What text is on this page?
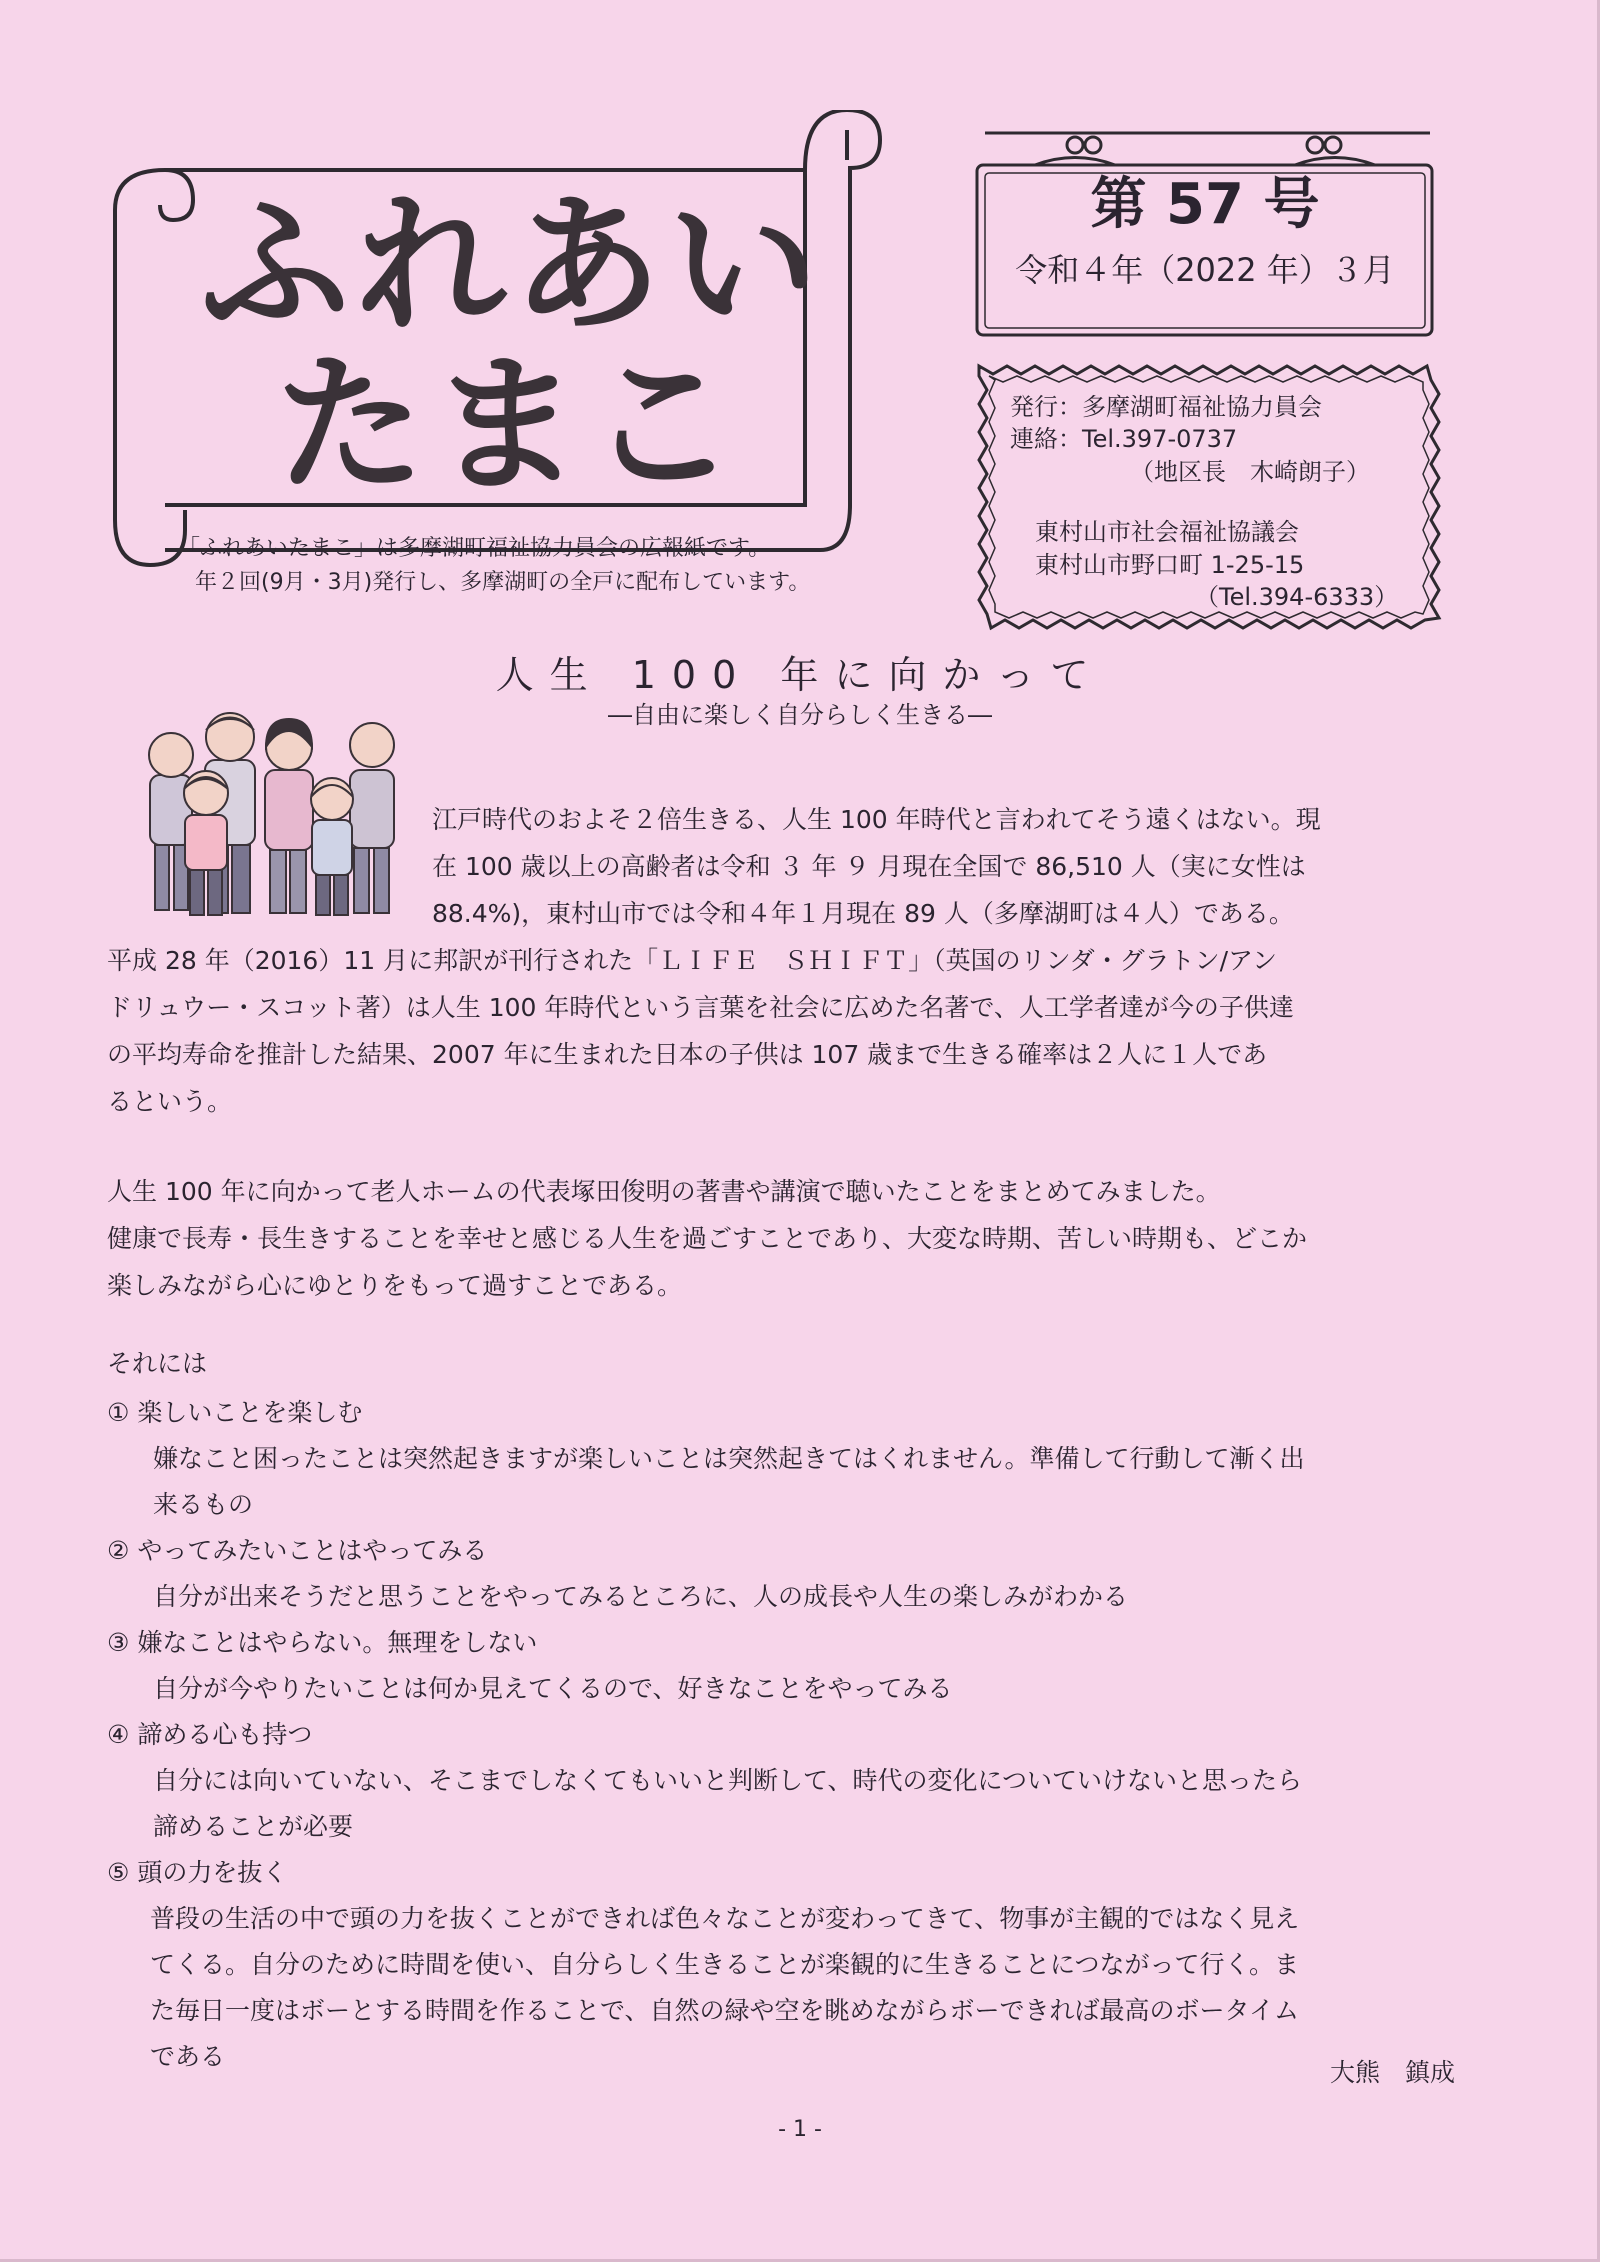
ふれあい
たまこ
「ふれあいたまこ」は多摩湖町福祉協力員会の広報紙です。
年２回(9月・3月)発行し、多摩湖町の全戸に配布しています。
第 57 号
令和４年（2022 年）３月
発行：多摩湖町福祉協力員会
連絡：Tel.397-0737
（地区長　木崎朗子）
東村山市社会福祉協議会
東村山市野口町 1-25-15
（Tel.394-6333）
人生 100 年に向かって
―自由に楽しく自分らしく生きる―
江戸時代のおよそ２倍生きる、人生 100 年時代と言われてそう遠くはない。現
在 100 歳以上の高齢者は令和 ３ 年 ９ 月現在全国で 86,510 人（実に女性は
88.4%)，東村山市では令和４年１月現在 89 人（多摩湖町は４人）である。
平成 28 年（2016）11 月に邦訳が刊行された「ＬＩＦＥ　ＳＨＩＦＴ」（英国のリンダ・グラトン/アン
ドリュウー・スコット著）は人生 100 年時代という言葉を社会に広めた名著で、人工学者達が今の子供達
の平均寿命を推計した結果、2007 年に生まれた日本の子供は 107 歳まで生きる確率は２人に１人であ
るという。
人生 100 年に向かって老人ホームの代表塚田俊明の著書や講演で聴いたことをまとめてみました。
健康で長寿・長生きすることを幸せと感じる人生を過ごすことであり、大変な時期、苦しい時期も、どこか
楽しみながら心にゆとりをもって過すことである。
それには
① 楽しいことを楽しむ
嫌なこと困ったことは突然起きますが楽しいことは突然起きてはくれません。準備して行動して漸く出
来るもの
② やってみたいことはやってみる
自分が出来そうだと思うことをやってみるところに、人の成長や人生の楽しみがわかる
③ 嫌なことはやらない。無理をしない
自分が今やりたいことは何か見えてくるので、好きなことをやってみる
④ 諦める心も持つ
自分には向いていない、そこまでしなくてもいいと判断して、時代の変化についていけないと思ったら
諦めることが必要
⑤ 頭の力を抜く
普段の生活の中で頭の力を抜くことができれば色々なことが変わってきて、物事が主観的ではなく見え
てくる。自分のために時間を使い、自分らしく生きることが楽観的に生きることにつながって行く。ま
た毎日一度はボーとする時間を作ることで、自然の緑や空を眺めながらボーできれば最高のボータイム
である
大熊　鎮成
- 1 -
